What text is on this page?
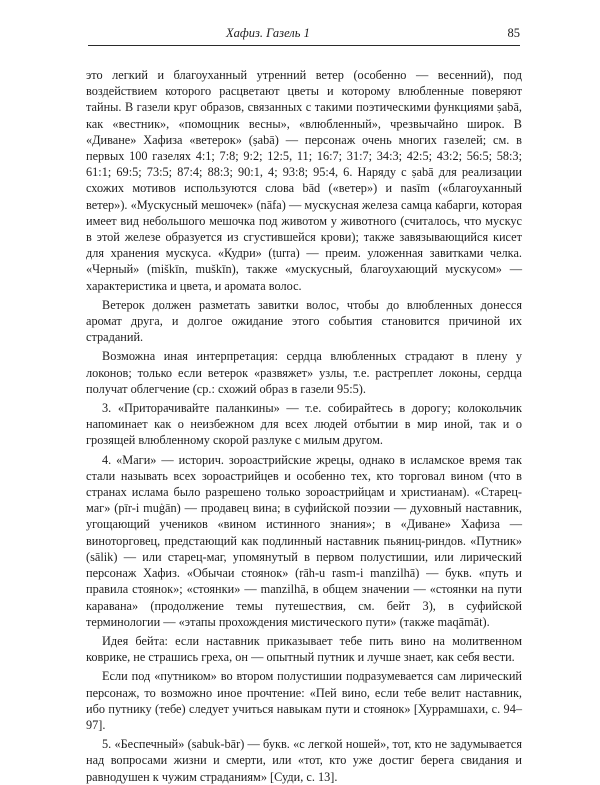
Хафиз. Газель 1	85

это легкий и благоуханный утренний ветер (особенно — весенний), под воздействием которого расцветают цветы и которому влюбленные поверяют тайны. В газели круг образов, связанных с такими поэтическими функциями ṣabā, как «вестник», «помощник весны», «влюбленный», чрезвычайно широк. В «Диване» Хафиза «ветерок» (ṣabā) — персонаж очень многих газелей; см. в первых 100 газелях 4:1; 7:8; 9:2; 12:5, 11; 16:7; 31:7; 34:3; 42:5; 43:2; 56:5; 58:3; 61:1; 69:5; 73:5; 87:4; 88:3; 90:1, 4; 93:8; 95:4, 6. Наряду с ṣabā для реализации схожих мотивов используются слова bād («ветер») и nasīm («благоуханный ветер»). «Мускусный мешочек» (nāfa) — мускусная железа самца кабарги, которая имеет вид небольшого мешочка под животом у животного (считалось, что мускус в этой железе образуется из сгустившейся крови); также завязывающийся кисет для хранения мускуса. «Кудри» (ṭurra) — преим. уложенная завитками челка. «Черный» (miškīn, muškīn), также «мускусный, благоухающий мускусом» — характеристика и цвета, и аромата волос.

Ветерок должен разметать завитки волос, чтобы до влюбленных донесся аромат друга, и долгое ожидание этого события становится причиной их страданий.

Возможна иная интерпретация: сердца влюбленных страдают в плену у локонов; только если ветерок «развяжет» узлы, т.е. растреплет локоны, сердца получат облегчение (ср.: схожий образ в газели 95:5).

3. «Приторачивайте паланкины» — т.е. собирайтесь в дорогу; колокольчик напоминает как о неизбежном для всех людей отбытии в мир иной, так и о грозящей влюбленному скорой разлуке с милым другом.

4. «Маги» — историч. зороастрийские жрецы, однако в исламское время так стали называть всех зороастрийцев и особенно тех, кто торговал вином (что в странах ислама было разрешено только зороастрийцам и христианам). «Старец-маг» (pīr-i muġān) — продавец вина; в суфийской поэзии — духовный наставник, угощающий учеников «вином истинного знания»; в «Диване» Хафиза — виноторговец, предстающий как подлинный наставник пьяниц-риндов. «Путник» (sālik) — или старец-маг, упомянутый в первом полустишии, или лирический персонаж Хафиз. «Обычаи стоянок» (rāh-u rasm-i manzilhā) — букв. «путь и правила стоянок»; «стоянки» — manzilhā, в общем значении — «стоянки на пути каравана» (продолжение темы путешествия, см. бейт 3), в суфийской терминологии — «этапы прохождения мистического пути» (также maqāmāt).

Идея бейта: если наставник приказывает тебе пить вино на молитвенном коврике, не страшись греха, он — опытный путник и лучше знает, как себя вести.

Если под «путником» во втором полустишии подразумевается сам лирический персонаж, то возможно иное прочтение: «Пей вино, если тебе велит наставник, ибо путнику (тебе) следует учиться навыкам пути и стоянок» [Хуррамшахи, с. 94–97].

5. «Беспечный» (sabuk-bār) — букв. «с легкой ношей», тот, кто не задумывается над вопросами жизни и смерти, или «тот, кто уже достиг берега свидания и равнодушен к чужим страданиям» [Суди, с. 13].
